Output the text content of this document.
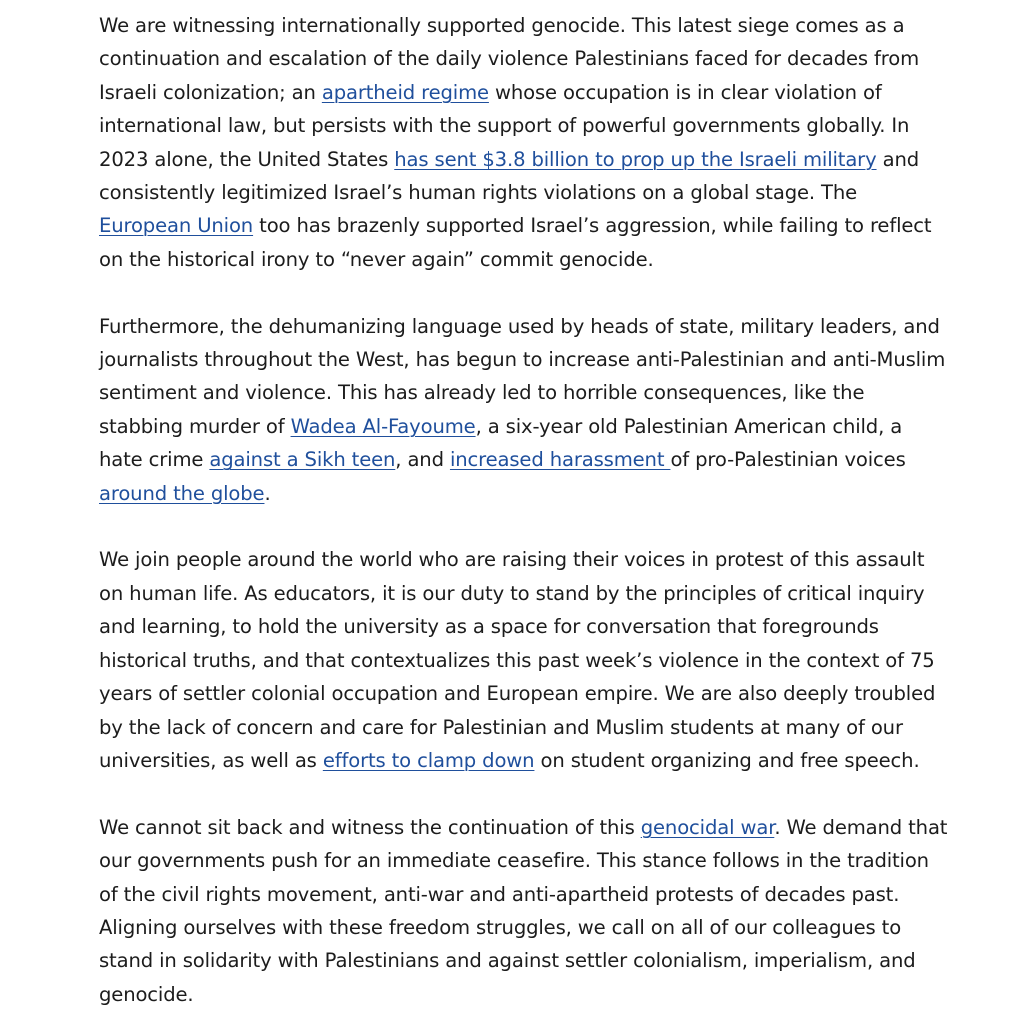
We are witnessing internationally supported genocide. This latest siege comes as a continuation and escalation of the daily violence Palestinians faced for decades from Israeli colonization; an apartheid regime whose occupation is in clear violation of international law, but persists with the support of powerful governments globally. In 2023 alone, the United States has sent $3.8 billion to prop up the Israeli military and consistently legitimized Israel’s human rights violations on a global stage. The European Union too has brazenly supported Israel’s aggression, while failing to reflect on the historical irony to “never again” commit genocide.

Furthermore, the dehumanizing language used by heads of state, military leaders, and journalists throughout the West, has begun to increase anti-Palestinian and anti-Muslim sentiment and violence. This has already led to horrible consequences, like the stabbing murder of Wadea Al-Fayoume, a six-year old Palestinian American child, a hate crime against a Sikh teen, and increased harassment of pro-Palestinian voices around the globe.

We join people around the world who are raising their voices in protest of this assault on human life. As educators, it is our duty to stand by the principles of critical inquiry and learning, to hold the university as a space for conversation that foregrounds historical truths, and that contextualizes this past week’s violence in the context of 75 years of settler colonial occupation and European empire. We are also deeply troubled by the lack of concern and care for Palestinian and Muslim students at many of our universities, as well as efforts to clamp down on student organizing and free speech.

We cannot sit back and witness the continuation of this genocidal war. We demand that our governments push for an immediate ceasefire. This stance follows in the tradition of the civil rights movement, anti-war and anti-apartheid protests of decades past. Aligning ourselves with these freedom struggles, we call on all of our colleagues to stand in solidarity with Palestinians and against settler colonialism, imperialism, and genocide.
